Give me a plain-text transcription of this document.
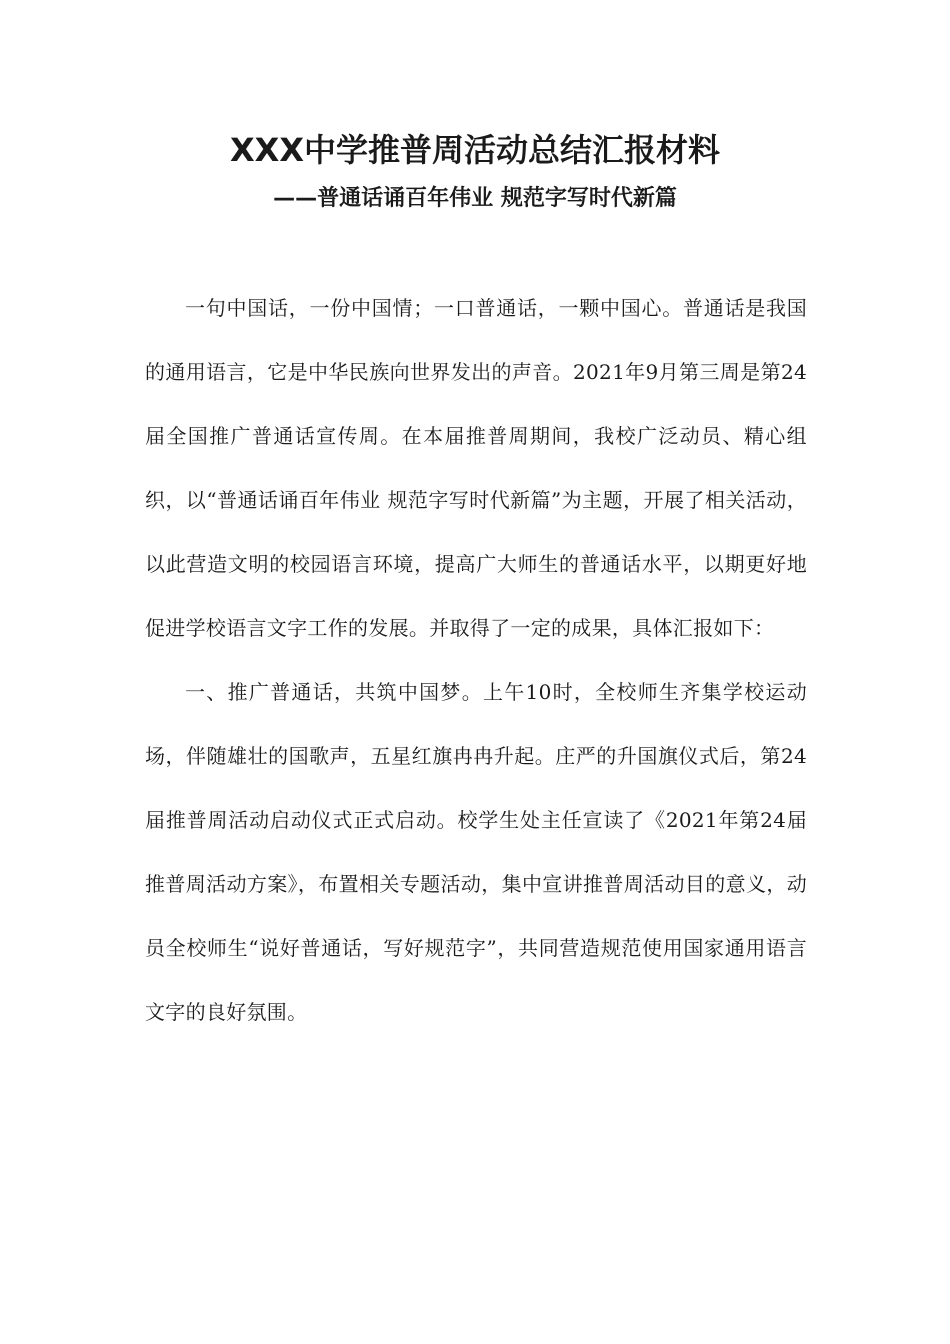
XXX中学推普周活动总结汇报材料
——普通话诵百年伟业 规范字写时代新篇

一句中国话，一份中国情；一口普通话，一颗中国心。普通话是我国的通用语言，它是中华民族向世界发出的声音。2021年9月第三周是第24届全国推广普通话宣传周。在本届推普周期间，我校广泛动员、精心组织，以“普通话诵百年伟业 规范字写时代新篇”为主题，开展了相关活动，以此营造文明的校园语言环境，提高广大师生的普通话水平，以期更好地促进学校语言文字工作的发展。并取得了一定的成果，具体汇报如下：

一、推广普通话，共筑中国梦。上午10时，全校师生齐集学校运动场，伴随雄壮的国歌声，五星红旗冉冉升起。庄严的升国旗仪式后，第24届推普周活动启动仪式正式启动。校学生处主任宣读了《2021年第24届推普周活动方案》，布置相关专题活动，集中宣讲推普周活动目的意义，动员全校师生“说好普通话，写好规范字”，共同营造规范使用国家通用语言文字的良好氛围。
